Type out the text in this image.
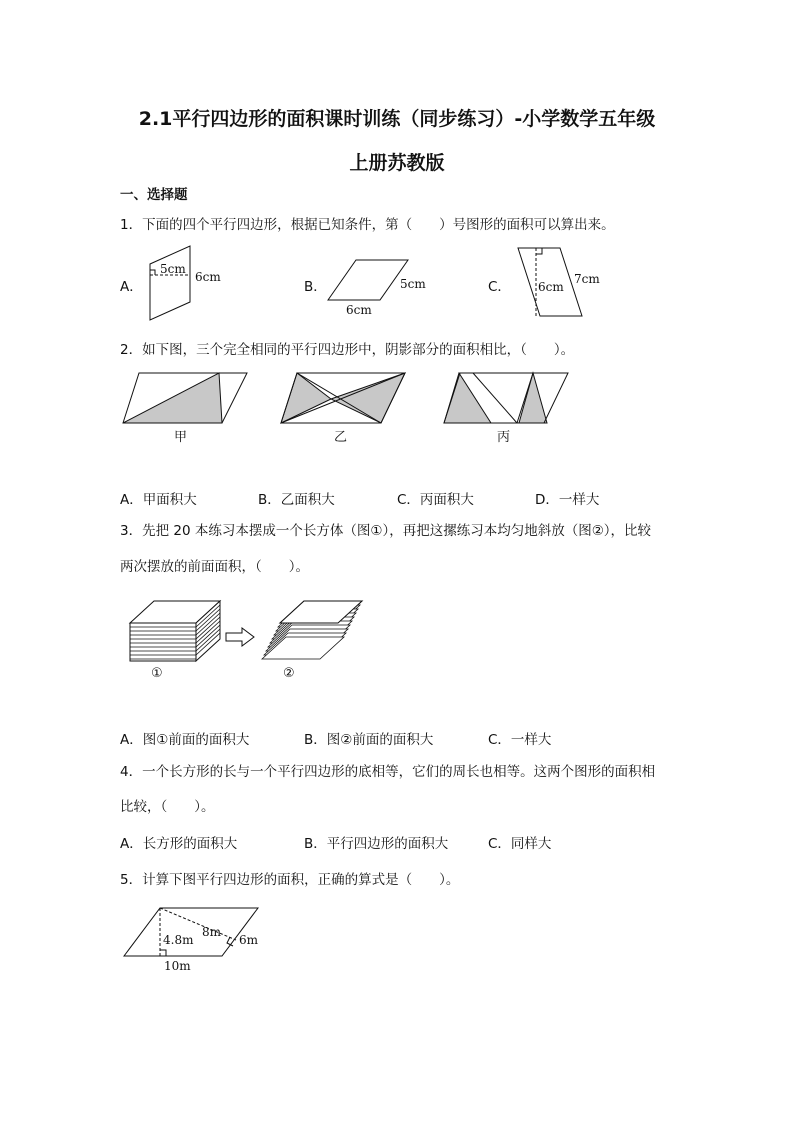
2.1平行四边形的面积课时训练（同步练习）-小学数学五年级
上册苏教版
一、选择题
1．下面的四个平行四边形，根据已知条件，第（　　）号图形的面积可以算出来。
A．
5cm
6cm
B．
6cm
5cm	C． 6cm
7cm
2．如下图，三个完全相同的平行四边形中，阴影部分的面积相比，（　　）。
甲	乙	丙
A．甲面积大	B．乙面积大	C．丙面积大	D．一样大
3．先把 20 本练习本摆成一个长方体（图①），再把这摞练习本均匀地斜放（图②），比较
两次摆放的前面面积，（　　）。
①	②
A．图①前面的面积大	B．图②前面的面积大	C．一样大
4．一个长方形的长与一个平行四边形的底相等，它们的周长也相等。这两个图形的面积相
比较，（　　）。
A．长方形的面积大	B．平行四边形的面积大	C．同样大
5．计算下图平行四边形的面积，正确的算式是（　　）。
4.8m
8m
6m
10m
